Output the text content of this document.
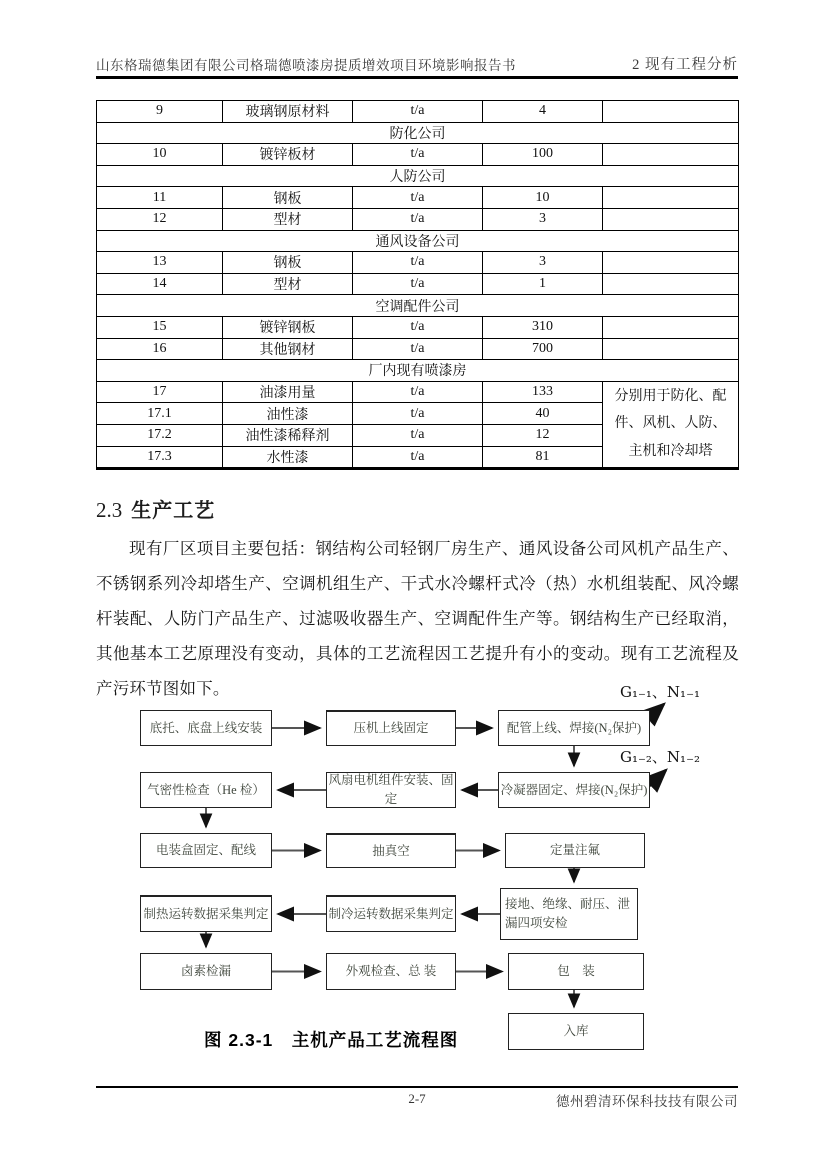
山东格瑞德集团有限公司格瑞德喷漆房提质增效项目环境影响报告书	2 现有工程分析
9	玻璃钢原材料	t/a	4	
防化公司				
10	镀锌板材	t/a	100	
人防公司				
11	钢板	t/a	10	
12	型材	t/a	3	
通风设备公司				
13	钢板	t/a	3	
14	型材	t/a	1	
空调配件公司				
15	镀锌钢板	t/a	310	
16	其他钢材	t/a	700	
厂内现有喷漆房				
17	油漆用量	t/a	133	分别用于防化、配件、风机、人防、主机和冷却塔
17.1	油性漆	t/a	40	
17.2	油性漆稀释剂	t/a	12	
17.3	水性漆	t/a	81	
2.3 生产工艺

现有厂区项目主要包括：钢结构公司轻钢厂房生产、通风设备公司风机产品生产、不锈钢系列冷却塔生产、空调机组生产、干式水冷螺杆式冷（热）水机组装配、风冷螺杆装配、人防门产品生产、过滤吸收器生产、空调配件生产等。钢结构生产已经取消，其他基本工艺原理没有变动，具体的工艺流程因工艺提升有小的变动。现有工艺流程及产污环节图如下。

底托、底盘上线安装	压机上线固定	配管上线、焊接(N₂保护)
气密性检查（He 检）
风扇电机组件安装、固定
冷凝器固定、焊接(N₂保护)
电装盒固定、配线	抽真空	定量注氟
制热运转数据采集判定	制冷运转数据采集判定
接地、绝缘、耐压、泄漏四项安检
卤素检漏	外观检查、总 装	包　装
入库
G₁₋₁、N₁₋₁
G₁₋₂、N₁₋₂
图 2.3-1　主机产品工艺流程图
2-7	德州碧清环保科技技有限公司
